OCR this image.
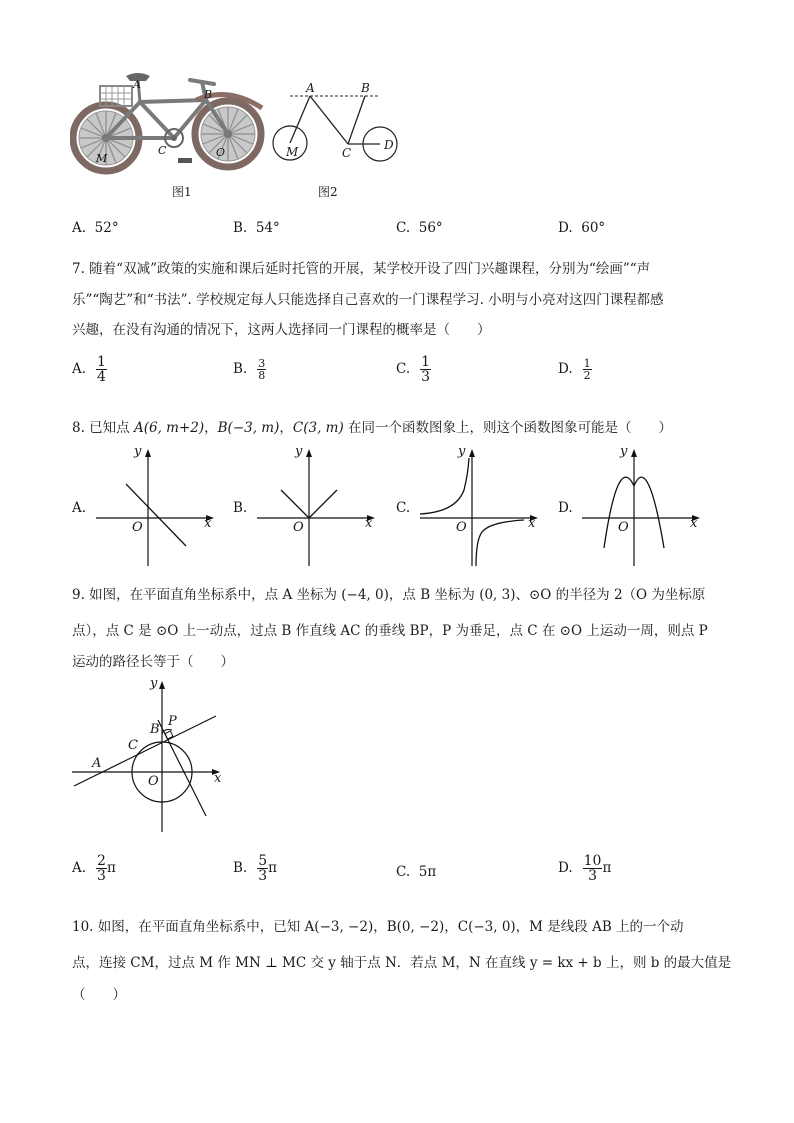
A
B
M
C	O
图1
A	B
M	C
D
图2
A. 52°	B. 54°	C. 56°	D. 60°
7. 随着“双减”政策的实施和课后延时托管的开展，某学校开设了四门兴趣课程，分别为“绘画”“声
乐”“陶艺”和“书法”. 学校规定每人只能选择自己喜欢的一门课程学习. 小明与小亮对这四门课程都感
兴趣，在没有沟通的情况下，这两人选择同一门课程的概率是（　　）
A. $\frac{1}{4}$	B. $\frac{3}{8}$	C. $\frac{1}{3}$	D. $\frac{1}{2}$
8. 已知点 A(6, m+2)，B(−3, m)，C(3, m) 在同一个函数图象上，则这个函数图象可能是（　　）
A.
y
x
O
B.
y
x
O
C.
y
x
O
D.
y
x
O
9. 如图，在平面直角坐标系中，点 A 坐标为 (−4, 0)，点 B 坐标为 (0, 3)、⊙O 的半径为 2（O 为坐标原
点），点 C 是 ⊙O 上一动点，过点 B 作直线 AC 的垂线 BP，P 为垂足，点 C 在 ⊙O 上运动一周，则点 P
运动的路径长等于（　　）
y
x
B
P
C
A
O
A. $\frac{2}{3}$ π	B. $\frac{5}{3}$ π	C. 5π	D. $\frac{10}{3}$ π
10. 如图，在平面直角坐标系中，已知 A(−3, −2)，B(0, −2)，C(−3, 0)，M 是线段 AB 上的一个动
点，连接 CM，过点 M 作 MN ⊥ MC 交 y 轴于点 N．若点 M，N 在直线 y = kx + b 上，则 b 的最大值是
（　　）
